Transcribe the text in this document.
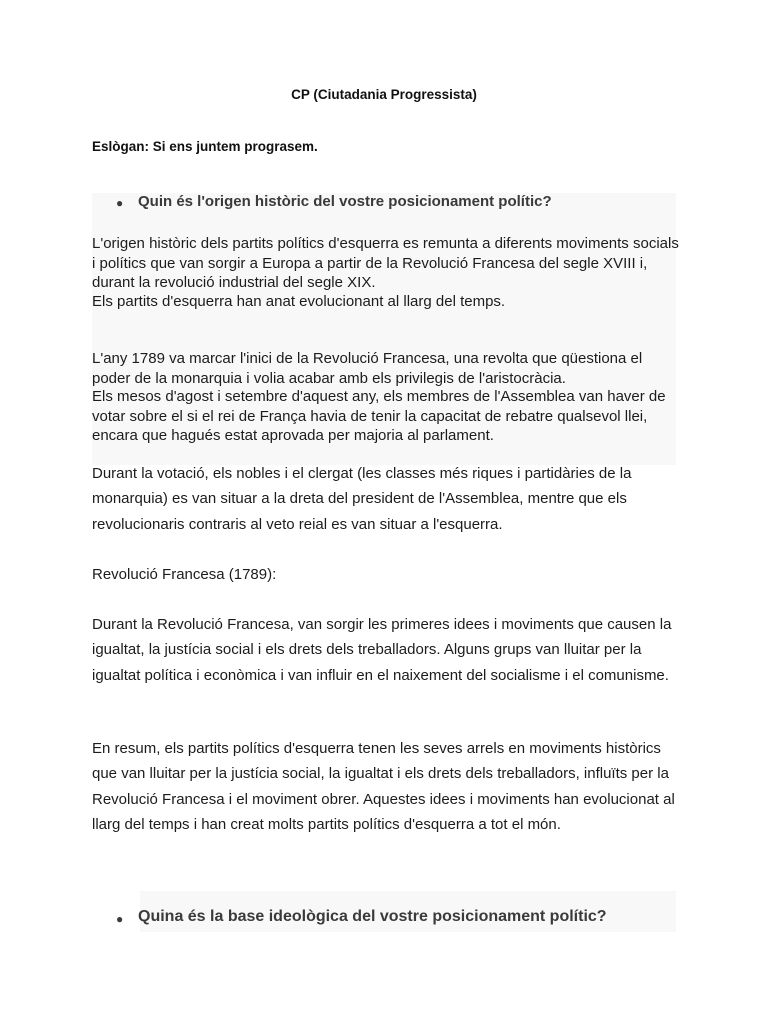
CP (Ciutadania Progressista)
Eslògan: Si ens juntem prograsem.
● Quin és l'origen històric del vostre posicionament polític?
L'origen històric dels partits polítics d'esquerra es remunta a diferents moviments socials i polítics que van sorgir a Europa a partir de la Revolució Francesa del segle XVIII i, durant la revolució industrial del segle XIX.
Els partits d'esquerra han anat evolucionant al llarg del temps.
L'any 1789 va marcar l'inici de la Revolució Francesa, una revolta que qüestiona el poder de la monarquia i volia acabar amb els privilegis de l'aristocràcia.
Els mesos d'agost i setembre d'aquest any, els membres de l'Assemblea van haver de votar sobre el si el rei de França havia de tenir la capacitat de rebatre qualsevol llei, encara que hagués estat aprovada per majoria al parlament.
Durant la votació, els nobles i el clergat (les classes més riques i partidàries de la monarquia) es van situar a la dreta del president de l'Assemblea, mentre que els revolucionaris contraris al veto reial es van situar a l'esquerra.
Revolució Francesa (1789):
Durant la Revolució Francesa, van sorgir les primeres idees i moviments que causen la igualtat, la justícia social i els drets dels treballadors. Alguns grups van lluitar per la igualtat política i econòmica i van influir en el naixement del socialisme i el comunisme.
En resum, els partits polítics d'esquerra tenen les seves arrels en moviments històrics que van lluitar per la justícia social, la igualtat i els drets dels treballadors, influïts per la Revolució Francesa i el moviment obrer. Aquestes idees i moviments han evolucionat al llarg del temps i han creat molts partits polítics d'esquerra a tot el món.
● Quina és la base ideològica del vostre posicionament polític?
